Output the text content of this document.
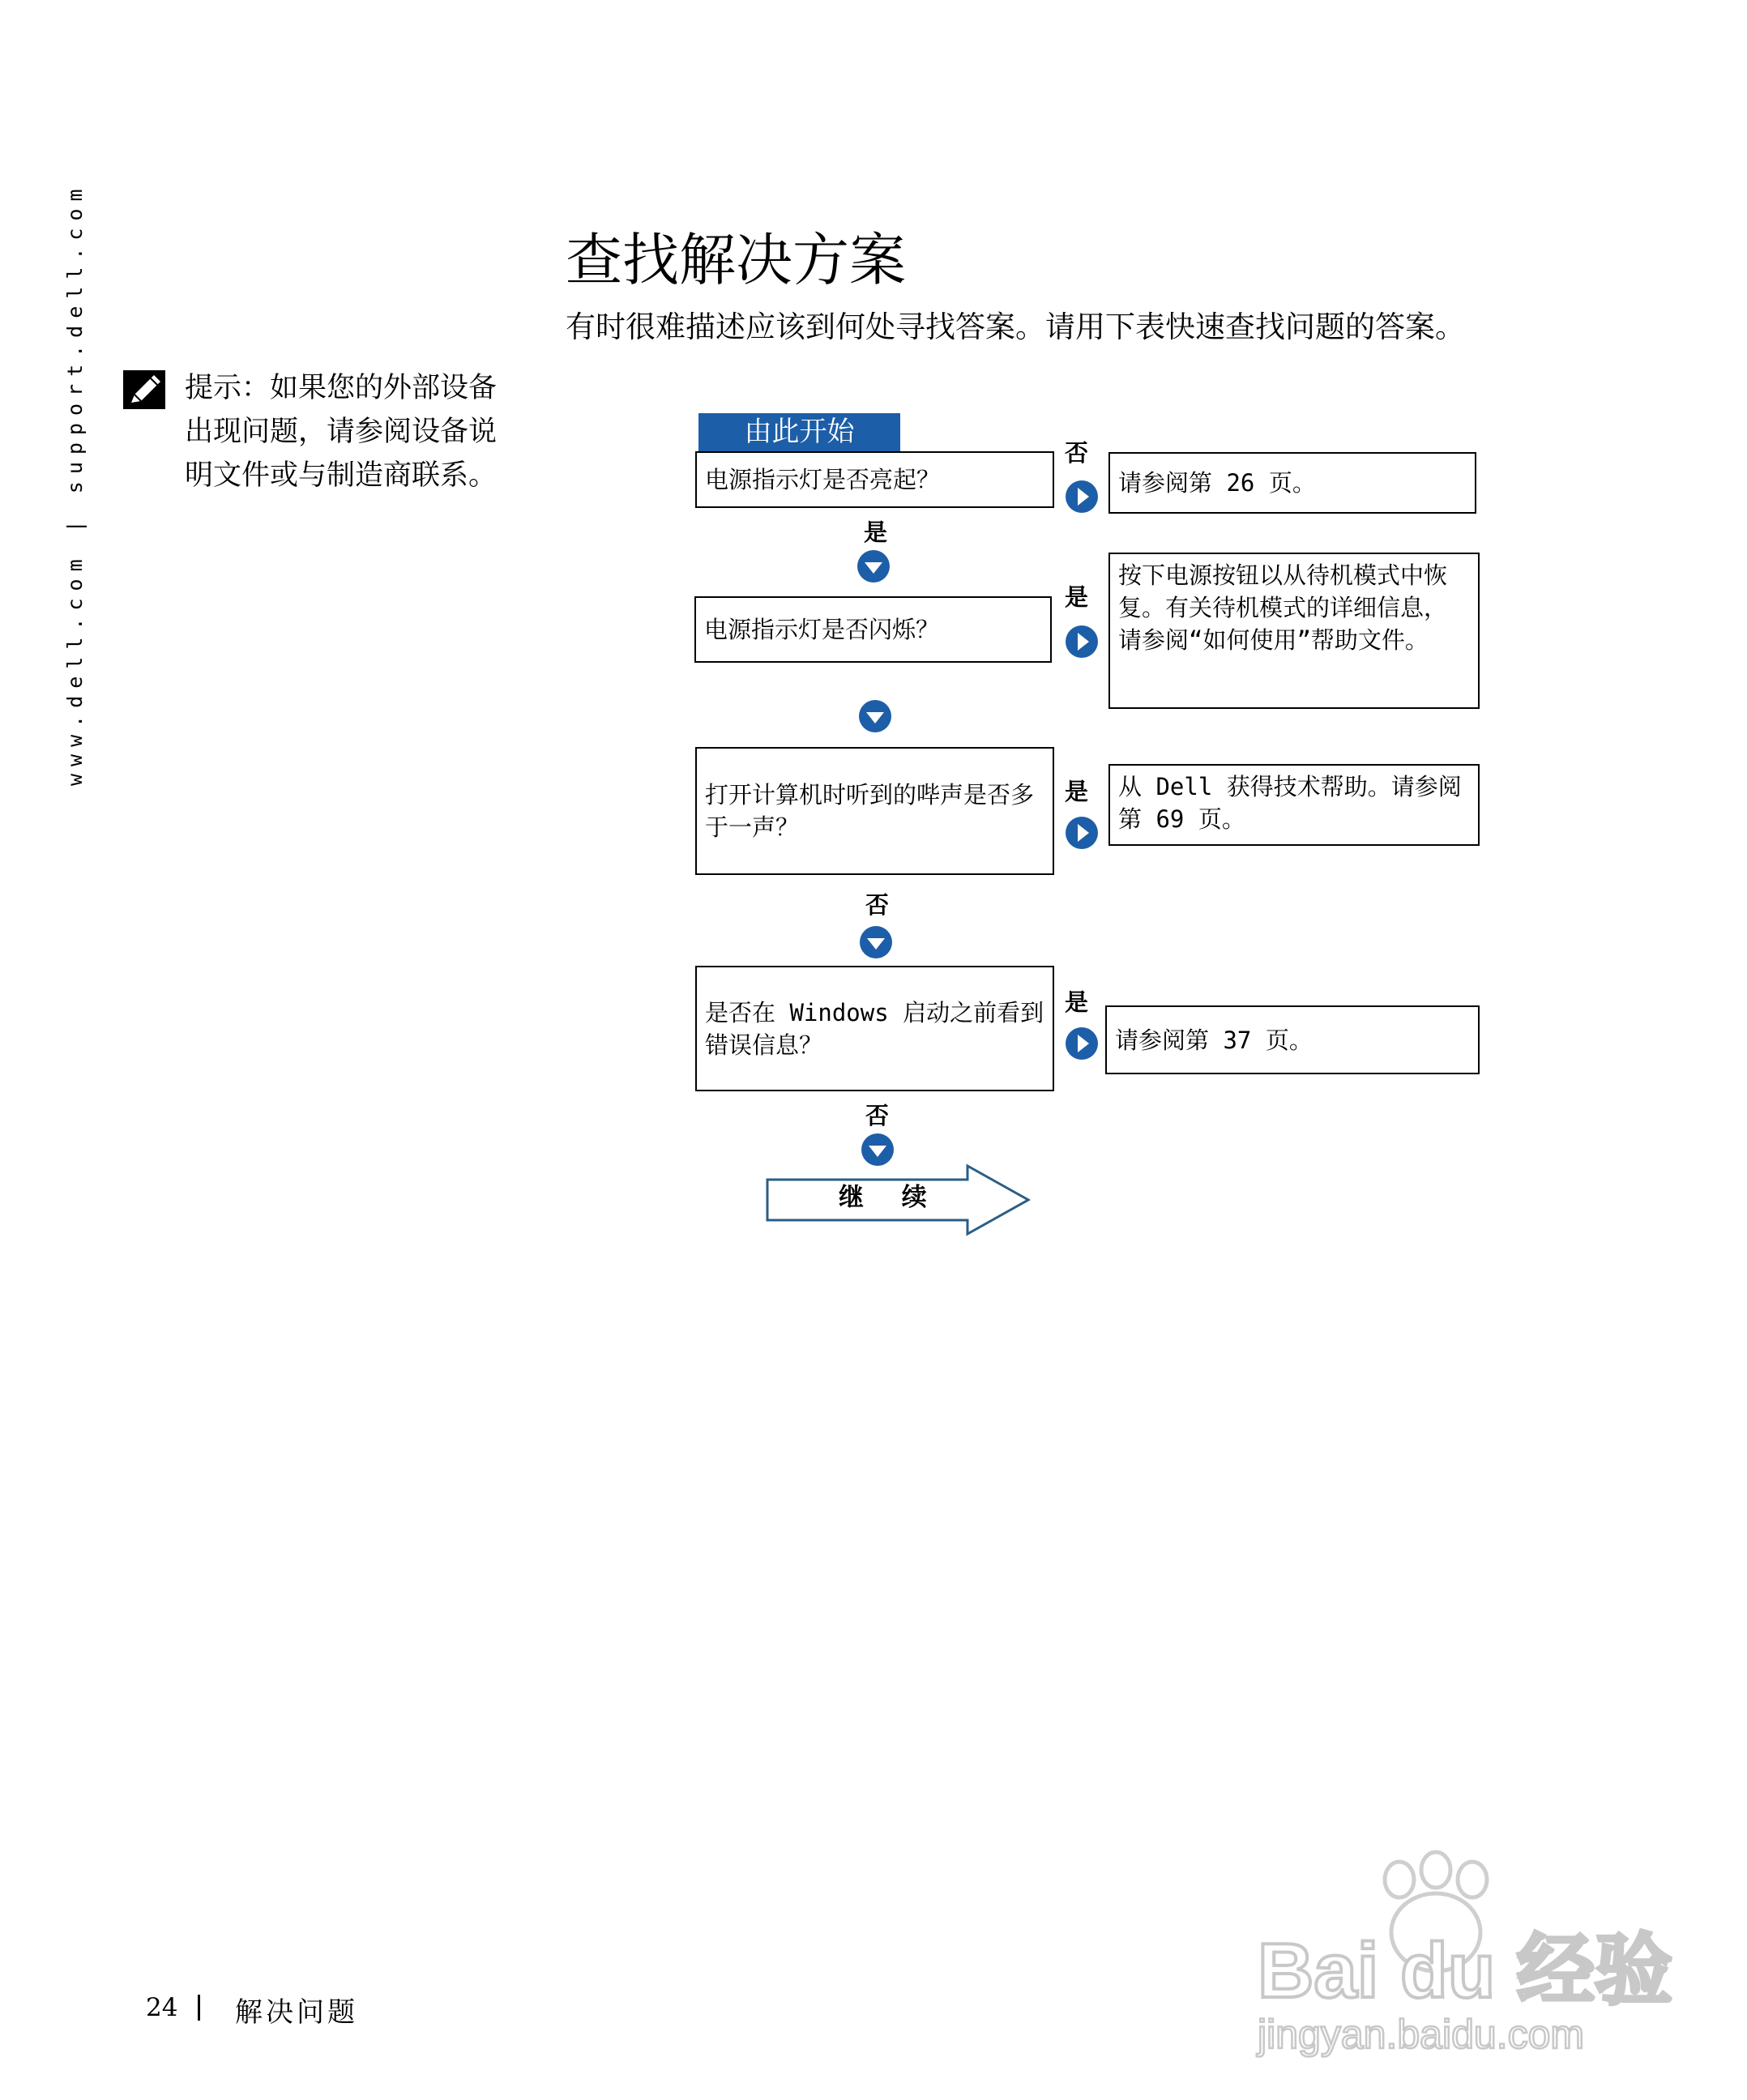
www.dell.com | support.dell.com	提示：如果您的外部设备出现问题，请参阅设备说明文件或与制造商联系。
查找解决方案
有时很难描述应该到何处寻找答案。请用下表快速查找问题的答案。
由此开始
电源指示灯是否亮起？
电源指示灯是否闪烁？
打开计算机时听到的哔声是否多于一声？
是否在 Windows 启动之前看到错误信息？
请参阅第 26 页。
按下电源按钮以从待机模式中恢复。有关待机模式的详细信息，请参阅“如何使用”帮助文件。
从 Dell 获得技术帮助。请参阅第 69 页。
请参阅第 37 页。
否
是
是
是
否
是
否
继 续
24 解决问题	Bai du 经验
jingyan.baidu.com
